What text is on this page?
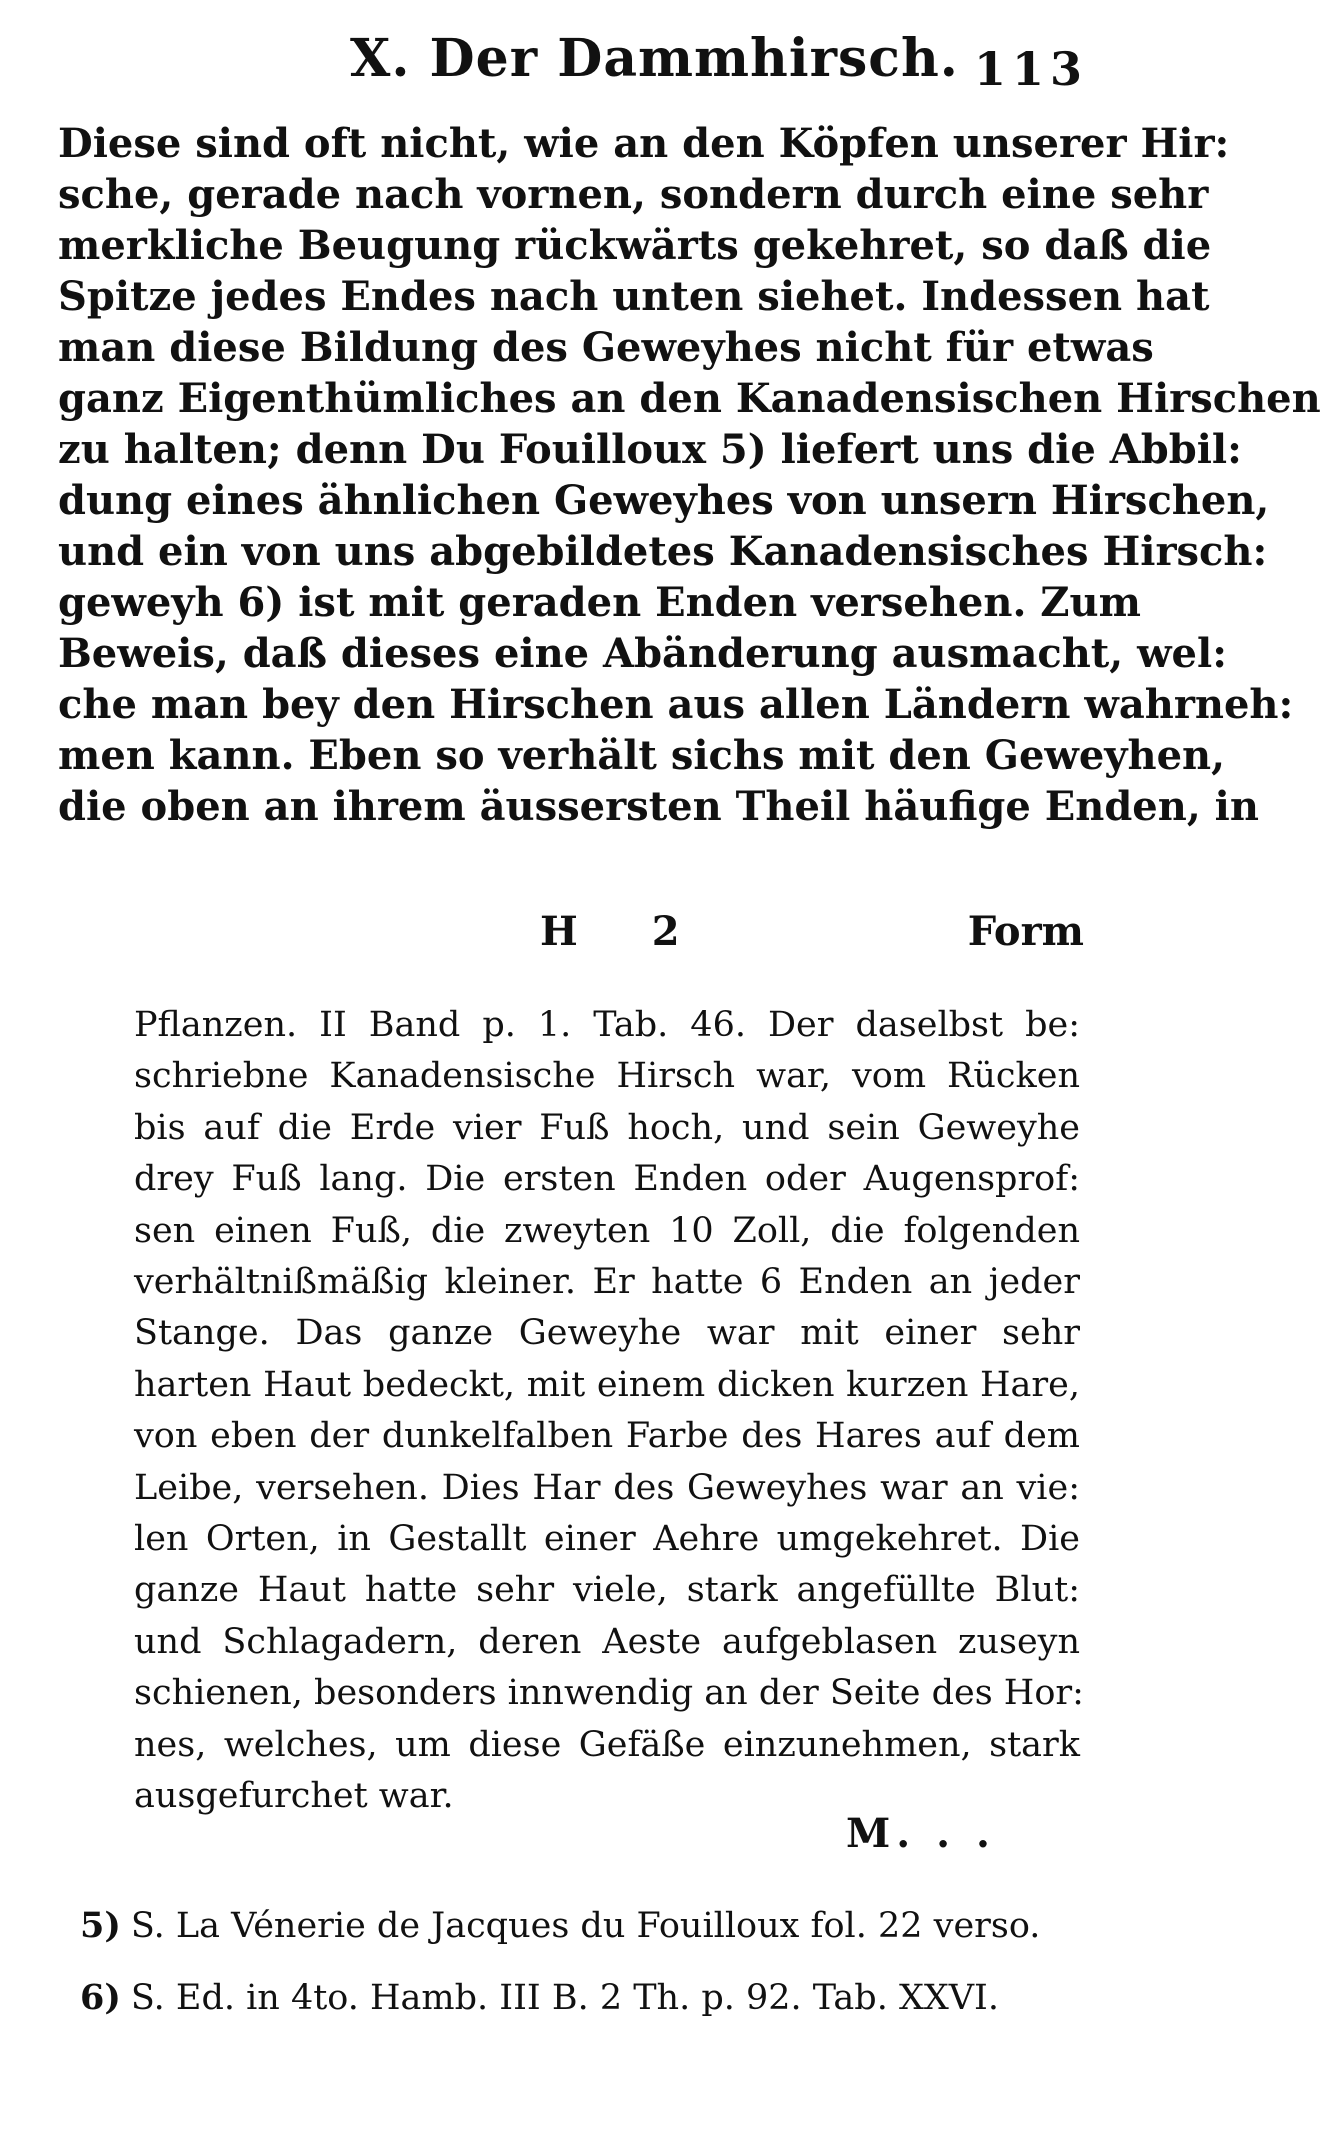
X. Der Dammhirsch. 113
Diese sind oft nicht, wie an den Köpfen unserer Hir:
sche, gerade nach vornen, sondern durch eine sehr
merkliche Beugung rückwärts gekehret, so daß die
Spitze jedes Endes nach unten siehet. Indessen hat
man diese Bildung des Geweyhes nicht für etwas
ganz Eigenthümliches an den Kanadensischen Hirschen
zu halten; denn Du Fouilloux 5) liefert uns die Abbil:
dung eines ähnlichen Geweyhes von unsern Hirschen,
und ein von uns abgebildetes Kanadensisches Hirsch:
geweyh 6) ist mit geraden Enden versehen. Zum
Beweis, daß dieses eine Abänderung ausmacht, wel:
che man bey den Hirschen aus allen Ländern wahrneh:
men kann. Eben so verhält sichs mit den Geweyhen,
die oben an ihrem äussersten Theil häufige Enden, in
H 2	Form
Pflanzen. II Band p. 1. Tab. 46. Der daselbst be:
schriebne Kanadensische Hirsch war, vom Rücken
bis auf die Erde vier Fuß hoch, und sein Geweyhe
drey Fuß lang. Die ersten Enden oder Augensprof:
sen einen Fuß, die zweyten 10 Zoll, die folgenden
verhältnißmäßig kleiner. Er hatte 6 Enden an jeder
Stange. Das ganze Geweyhe war mit einer sehr
harten Haut bedeckt, mit einem dicken kurzen Hare,
von eben der dunkelfalben Farbe des Hares auf dem
Leibe, versehen. Dies Har des Geweyhes war an vie:
len Orten, in Gestallt einer Aehre umgekehret. Die
ganze Haut hatte sehr viele, stark angefüllte Blut:
und Schlagadern, deren Aeste aufgeblasen zuseyn
schienen, besonders innwendig an der Seite des Hor:
nes, welches, um diese Gefäße einzunehmen, stark
ausgefurchet war.
M. . .
5) S. La Vénerie de Jacques du Fouilloux fol. 22 verso.
6) S. Ed. in 4to. Hamb. III B. 2 Th. p. 92. Tab. XXVI.
